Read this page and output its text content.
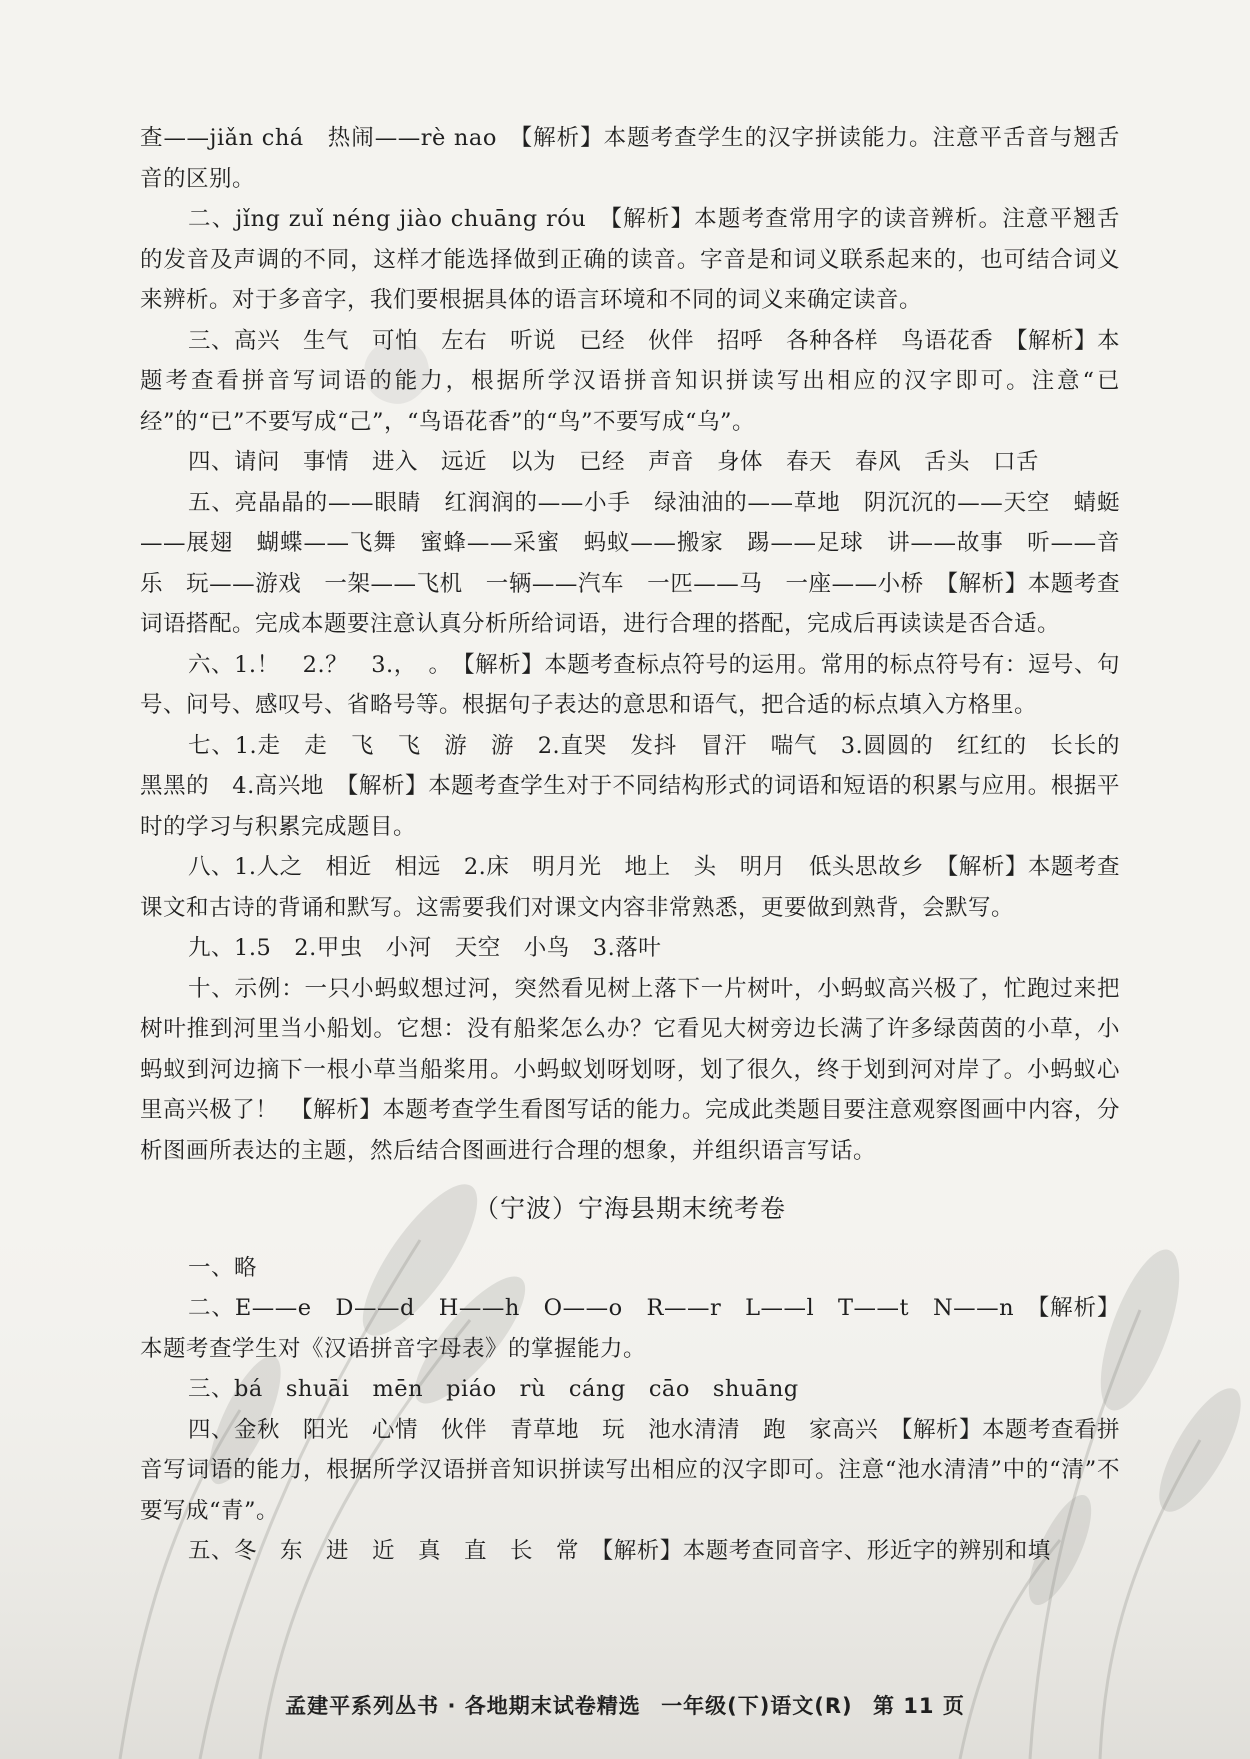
⬤

查——jiǎn chá　热闹——rè nao　【解析】本题考查学生的汉字拼读能力。注意平舌音与翘舌音的区别。

二、jǐng zuǐ néng jiào chuāng róu　【解析】本题考查常用字的读音辨析。注意平翘舌的发音及声调的不同，这样才能选择做到正确的读音。字音是和词义联系起来的，也可结合词义来辨析。对于多音字，我们要根据具体的语言环境和不同的词义来确定读音。

三、高兴　生气　可怕　左右　听说　已经　伙伴　招呼　各种各样　鸟语花香　【解析】本题考查看拼音写词语的能力，根据所学汉语拼音知识拼读写出相应的汉字即可。注意“已经”的“已”不要写成“己”，“鸟语花香”的“鸟”不要写成“乌”。

四、请问　事情　进入　远近　以为　已经　声音　身体　春天　春风　舌头　口舌

五、亮晶晶的——眼睛　红润润的——小手　绿油油的——草地　阴沉沉的——天空　蜻蜓——展翅　蝴蝶——飞舞　蜜蜂——采蜜　蚂蚁——搬家　踢——足球　讲——故事　听——音乐　玩——游戏　一架——飞机　一辆——汽车　一匹——马　一座——小桥　【解析】本题考查词语搭配。完成本题要注意认真分析所给词语，进行合理的搭配，完成后再读读是否合适。

六、1.！　2.？　3.，　。　【解析】本题考查标点符号的运用。常用的标点符号有：逗号、句号、问号、感叹号、省略号等。根据句子表达的意思和语气，把合适的标点填入方格里。

七、1.走　走　飞　飞　游　游　2.直哭　发抖　冒汗　喘气　3.圆圆的　红红的　长长的　黑黑的　4.高兴地　【解析】本题考查学生对于不同结构形式的词语和短语的积累与应用。根据平时的学习与积累完成题目。

八、1.人之　相近　相远　2.床　明月光　地上　头　明月　低头思故乡　【解析】本题考查课文和古诗的背诵和默写。这需要我们对课文内容非常熟悉，更要做到熟背，会默写。

九、1.5　2.甲虫　小河　天空　小鸟　3.落叶

十、示例：一只小蚂蚁想过河，突然看见树上落下一片树叶，小蚂蚁高兴极了，忙跑过来把树叶推到河里当小船划。它想：没有船桨怎么办？它看见大树旁边长满了许多绿茵茵的小草，小蚂蚁到河边摘下一根小草当船桨用。小蚂蚁划呀划呀，划了很久，终于划到河对岸了。小蚂蚁心里高兴极了！　【解析】本题考查学生看图写话的能力。完成此类题目要注意观察图画中内容，分析图画所表达的主题，然后结合图画进行合理的想象，并组织语言写话。

（宁波）宁海县期末统考卷

一、略

二、E——e　D——d　H——h　O——o　R——r　L——l　T——t　N——n　【解析】本题考查学生对《汉语拼音字母表》的掌握能力。

三、bá　shuāi　mēn　piáo　rù　cáng　cāo　shuāng

四、金秋　阳光　心情　伙伴　青草地　玩　池水清清　跑　家高兴　【解析】本题考查看拼音写词语的能力，根据所学汉语拼音知识拼读写出相应的汉字即可。注意“池水清清”中的“清”不要写成“青”。

五、冬　东　进　近　真　直　长　常　【解析】本题考查同音字、形近字的辨别和填

孟建平系列丛书 · 各地期末试卷精选 一年级(下)语文(R) 第 11 页
